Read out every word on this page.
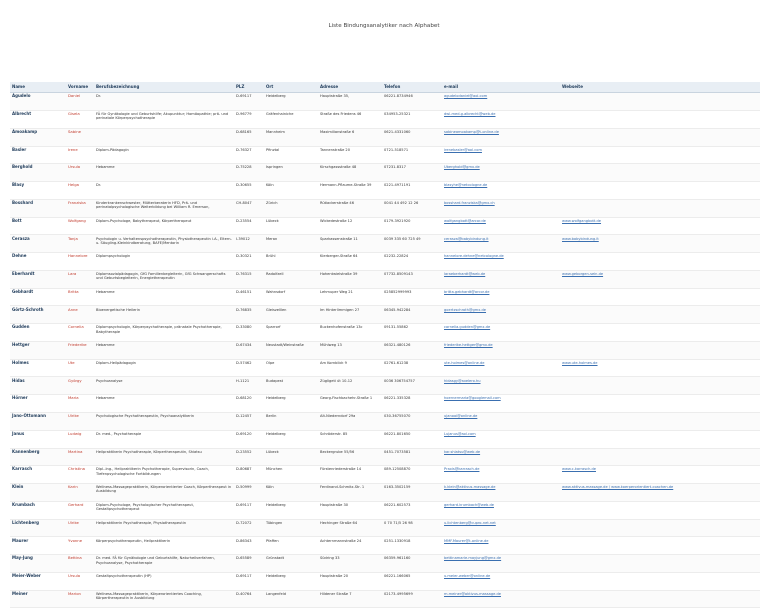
Liste Bindungsanalytiker nach Alphabet
Name	Vorname	Berufsbezeichnung	PLZ	Ort	Adresse	Telefon	e-mail	Webseite
Agudelo	Daniel	Dr.	D-69117	Heidelberg	Hauptstraße 35,	06221-8734946	agudelodaniel@aol.com	
Albrecht	Gisela	FÄ für Gynäkologie und Geburtshilfe; Akupunktur; Homöopathie; prä- und perinatale Körperpsychotherapie	D-96779	Gräfenhainiche	Straße des Friedens 46	034953-25321	dwl-med.g.albrecht@web.de	
Amoakamp	Sabine		D-68165	Mannheim	Maximilianstraße 6	0621-4331060	sabineamoakamp@t-online.de	
Basler	Irene	Diplom-Pädagogin	D-76327	Pfinztal	Tannenstraße 20	0721-518571	irenebasler@aol.com	
Berghold	Ursula	Hebamme	D-75228	Ispringen	Kirschgassstraße 48	07231-8317	Uberghold@gmx.de	
Blasy	Helga	Dr.	D-30655	Köln	Hermann-Pflaume-Straße 39	0221-4971191	blasyhe@netcologne.de	
Bosshard	Franziska	Kinderkrankenschwester, Mütterberaterin HFD, Prä- und perinatalpsychologische Weiterbildung bei William R. Emerson,	CH-8047	Zürich	Rütiackerstraße 46	0041 44 492 12 26	bosshard.franziska@gmx.ch	
Bott	Wolfgang	Diplom-Psychologe, Babytherapeut, Körpertherapeut	D-23554	Lübeck	Wickedestraße 12	0179-3921920	wolfgangbott@arcor.de	www.wolfgangbott.de
Cerasza	Tanja	Psychologin u. Verhaltenspsychotherapeutin, Physiotherapeutin i.A., Eltern- u. Säugling-Kleinkindberatung, BAFE/Mentorin	I-39012	Meran	Sparkassenstraße 11	0039 335 60 725 49	cerasza@babybindung.it	www.babybindung.it
Dehne	Hannelore	Diplompsychologin	D-30321	Brühl	Kierberger-Straße 64	02232-22824	hannelore.dehne@netcologne.de	
Eberhardt	Lara	Diplomsozialpädagogin, GfG Familienbegleiterin, GfG Schwangerschafts und Geburtsbegleiterin, Energietherapeutin	D-76315	Radolfzell	Hohentwielstraße 39	07732-8509143	laraeberhardt@web.de	www.geborgen-sein.de
Gebhardt	Britta	Hebamme	D-46151	Wahnsdorf	Lehmuper Weg 21	025852999993	britta.gebhardt@arcor.de	
Görtz-Schroth	Anne	Bioenergetische Heilerin	D-76835	Gleiszelllen	Im Hinterlimmigen 27	06345-942284	goertzschroth@gmx.de	
Gudden	Cornelia	Diplompsychologin, Körperpsychotherapie, pränatale Psychotherapie, Babytherapie	D-33080	Sparrorf	Buckenhofenstraße 13c	09131-55862	cornelia.gudden@gmx.de	
Hettger	Friederike	Hebamme	D-67434	Neustadt/Weinstraße	Mühlweg 13	06321-480126	friederike.hettger@gmx.de	
Holmes	Ute	Diplom-Heilpädagogin	D-57462	Olpe	Am Kornblick 9	02761-61238	ute-holmes@online.de	www.ute-holmes.de
Hídas	György	Psychoanalyse	H-1121	Budapest	Zúgligeti út 10-12	0036 306754757	hidasgy@axelero.hu	
Hörner	Maria	Hebamme	D-68120	Heidelberg	Georg-Fischbachehr-Straße 1	06221-335328	hoernermaria@googlemail.com	
Jano-Ottomann	Ulrike	Psychologische Psychotherapeutin, Psychoanalytikerin	D-12457	Berlin	Alt-Niederndorf 29a	030-36755070	ujanooi@online.de	
Janus	Ludwig	Dr. med., Psychotherapie	D-69120	Heidelberg	Schröderstr. 85	06221-801650	Lujanus@aol.com	
Kannenberg	Martina	Heilpraktikerin Psychotherapie, Körpertherapeutin, Shiatsu	D-23552	Lübeck	Beckergrube 55/56	0451-7073581	kar.shiatsu@web.de	
Karrasch	Christina	Dipl.-Ing., Heilpraktikerin Psychotherapie, Supervisorin, Coach, Tiefenpsychologische Fortbildungen	D-80687	München	Fürstenriederstraße 14	089-12508870	Praxis@karrasch.de	www.c-karrasch.de
Klein	Karin	Wellness-Massagepraktikerin, Körperorientierter Coach, Körpertherapeut in Ausbildung	D-50999	Köln	Ferdinand-Schmitz-Str. 1	0163-3502159	k.klein@aktivus-massage.de	www.aktivus-massage.de / www.koerperorientiert-coachen.de
Krumbach	Gerhard	Diplom-Psychologe, Psychologischer Psychotherapeut, Gestaltpsychotherapeut	D-69117	Heidelberg	Hauptstraße 30	06221-602573	gerhard.krumbach@web.de	
Lichtenberg	Ulrike	Heilpraktikerin Psychotherapie, Physiotherapeutin	D-72072	Tübingen	Hechinger Straße 64	0 70 71/5 26 98	u.lichtenberg@cupro-net.net	
Maurer	Yvonne	Körperpsychotherapeutin, Heilpraktikerin	D-86343	Pfaffen	Achternmannstraße 24	0251-1330918	MMF.Maurer@t-online.de	
May-Jung	Bettina	Dr. med. FÄ für Gynäkologie und Geburtshilfe, Naturheilverfahren, Psychoanalyse, Psychotherapie	D-65589	Grünstadt	Südring 33	06359-961160	bettinamarie.mayjung@gmx.de	
Meier-Weber	Ursula	Gestaltpsychotherapeutin (HP)	D-69117	Heidelberg	Hauptstraße 20	06221-166065	u.meier-weber@online.de	
Meiner	Marion	Wellness-Massagepraktikerin, Körperorientiertes Coaching, Körpertherapeutin in Ausbildung	D-40764	Langenfeld	Hildener Straße 7	02173-4995699	m.meiner@aktivus-massage.de	
